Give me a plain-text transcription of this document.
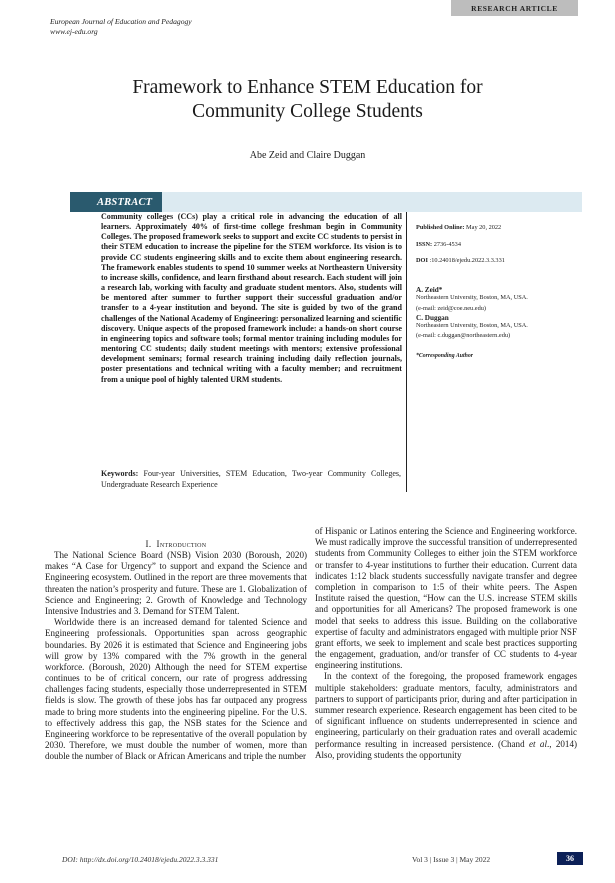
RESEARCH ARTICLE
European Journal of Education and Pedagogy
www.ej-edu.org
Framework to Enhance STEM Education for
Community College Students
Abe Zeid and Claire Duggan
ABSTRACT
Community colleges (CCs) play a critical role in advancing the education of all learners. Approximately 40% of first-time college freshman begin in Community Colleges. The proposed framework seeks to support and excite CC students to persist in their STEM education to increase the pipeline for the STEM workforce. Its vision is to provide CC students engineering skills and to excite them about engineering research. The framework enables students to spend 10 summer weeks at Northeastern University to increase skills, confidence, and learn firsthand about research. Each student will join a research lab, working with faculty and graduate student mentors. Also, students will be mentored after summer to further support their successful graduation and/or transfer to a 4-year institution and beyond. The site is guided by two of the grand challenges of the National Academy of Engineering: personalized learning and scientific discovery. Unique aspects of the proposed framework include: a hands-on short course in engineering topics and software tools; formal mentor training including modules for mentoring CC students; daily student meetings with mentors; extensive professional development seminars; formal research training including daily reflection journals, poster presentations and technical writing with a faculty member; and recruitment from a unique pool of highly talented URM students.
Keywords: Four-year Universities, STEM Education, Two-year Community Colleges, Undergraduate Research Experience
Published Online: May 20, 2022
ISSN: 2736-4534
DOI :10.24018/ejedu.2022.3.3.331
A. Zeid*
Northeastern University, Boston, MA, USA.
(e-mail: zeid@coe.neu.edu)
C. Duggan
Northeastern University, Boston, MA, USA.
(e-mail: c.duggan@northeastern.edu)
*Corresponding Author
I. Introduction

The National Science Board (NSB) Vision 2030 (Boroush, 2020) makes “A Case for Urgency” to support and expand the Science and Engineering ecosystem. Outlined in the report are three movements that threaten the nation’s prosperity and future. These are 1. Globalization of Science and Engineering; 2. Growth of Knowledge and Technology Intensive Industries and 3. Demand for STEM Talent.

Worldwide there is an increased demand for talented Science and Engineering professionals. Opportunities span across geographic boundaries. By 2026 it is estimated that Science and Engineering jobs will grow by 13% compared with the 7% growth in the general workforce. (Boroush, 2020) Although the need for STEM expertise continues to be of critical concern, our rate of progress addressing challenges facing students, especially those underrepresented in STEM fields is slow. The growth of these jobs has far outpaced any progress made to bring more students into the engineering pipeline. For the U.S. to effectively address this gap, the NSB states for the Science and Engineering workforce to be representative of the overall population by 2030. Therefore, we must double the number of women, more than double the number of Black or African Americans and triple the number

of Hispanic or Latinos entering the Science and Engineering workforce. We must radically improve the successful transition of underrepresented students from Community Colleges to either join the STEM workforce or transfer to 4-year institutions to further their education. Current data indicates 1:12 black students successfully navigate transfer and degree completion in comparison to 1:5 of their white peers. The Aspen Institute raised the question, “How can the U.S. increase STEM skills and opportunities for all Americans? The proposed framework is one model that seeks to address this issue. Building on the collaborative expertise of faculty and administrators engaged with multiple prior NSF grant efforts, we seek to implement and scale best practices supporting the engagement, graduation, and/or transfer of CC students to 4-year engineering institutions.

In the context of the foregoing, the proposed framework engages multiple stakeholders: graduate mentors, faculty, administrators and partners to support of participants prior, during and after participation in summer research experience. Research engagement has been cited to be of significant influence on students underrepresented in science and engineering, particularly on their graduation rates and overall academic performance resulting in increased persistence. (Chand et al., 2014) Also, providing students the opportunity

DOI: http://dx.doi.org/10.24018/ejedu.2022.3.3.331	Vol 3 | Issue 3 | May 2022	36
